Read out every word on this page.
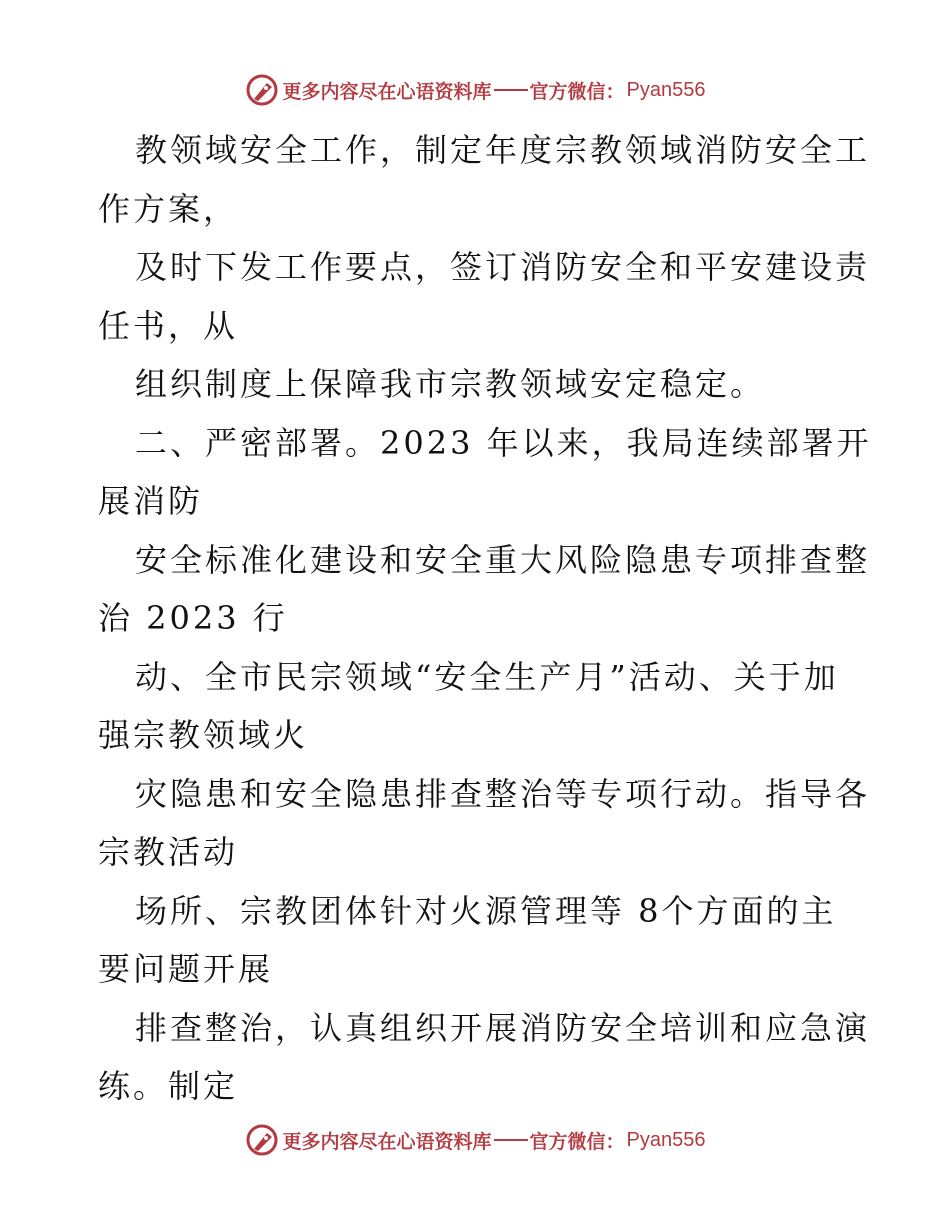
更多内容尽在心语资料库 官方微信： Pyan556
教领域安全工作，制定年度宗教领域消防安全工
作方案，
及时下发工作要点，签订消防安全和平安建设责
任书，从
组织制度上保障我市宗教领域安定稳定。
二、严密部署。2023 年以来，我局连续部署开
展消防
安全标准化建设和安全重大风险隐患专项排查整
治 2023 行
动、全市民宗领域“安全生产月”活动、关于加
强宗教领域火
灾隐患和安全隐患排查整治等专项行动。指导各
宗教活动
场所、宗教团体针对火源管理等 8个方面的主
要问题开展
排查整治，认真组织开展消防安全培训和应急演
练。制定
更多内容尽在心语资料库 官方微信： Pyan556
